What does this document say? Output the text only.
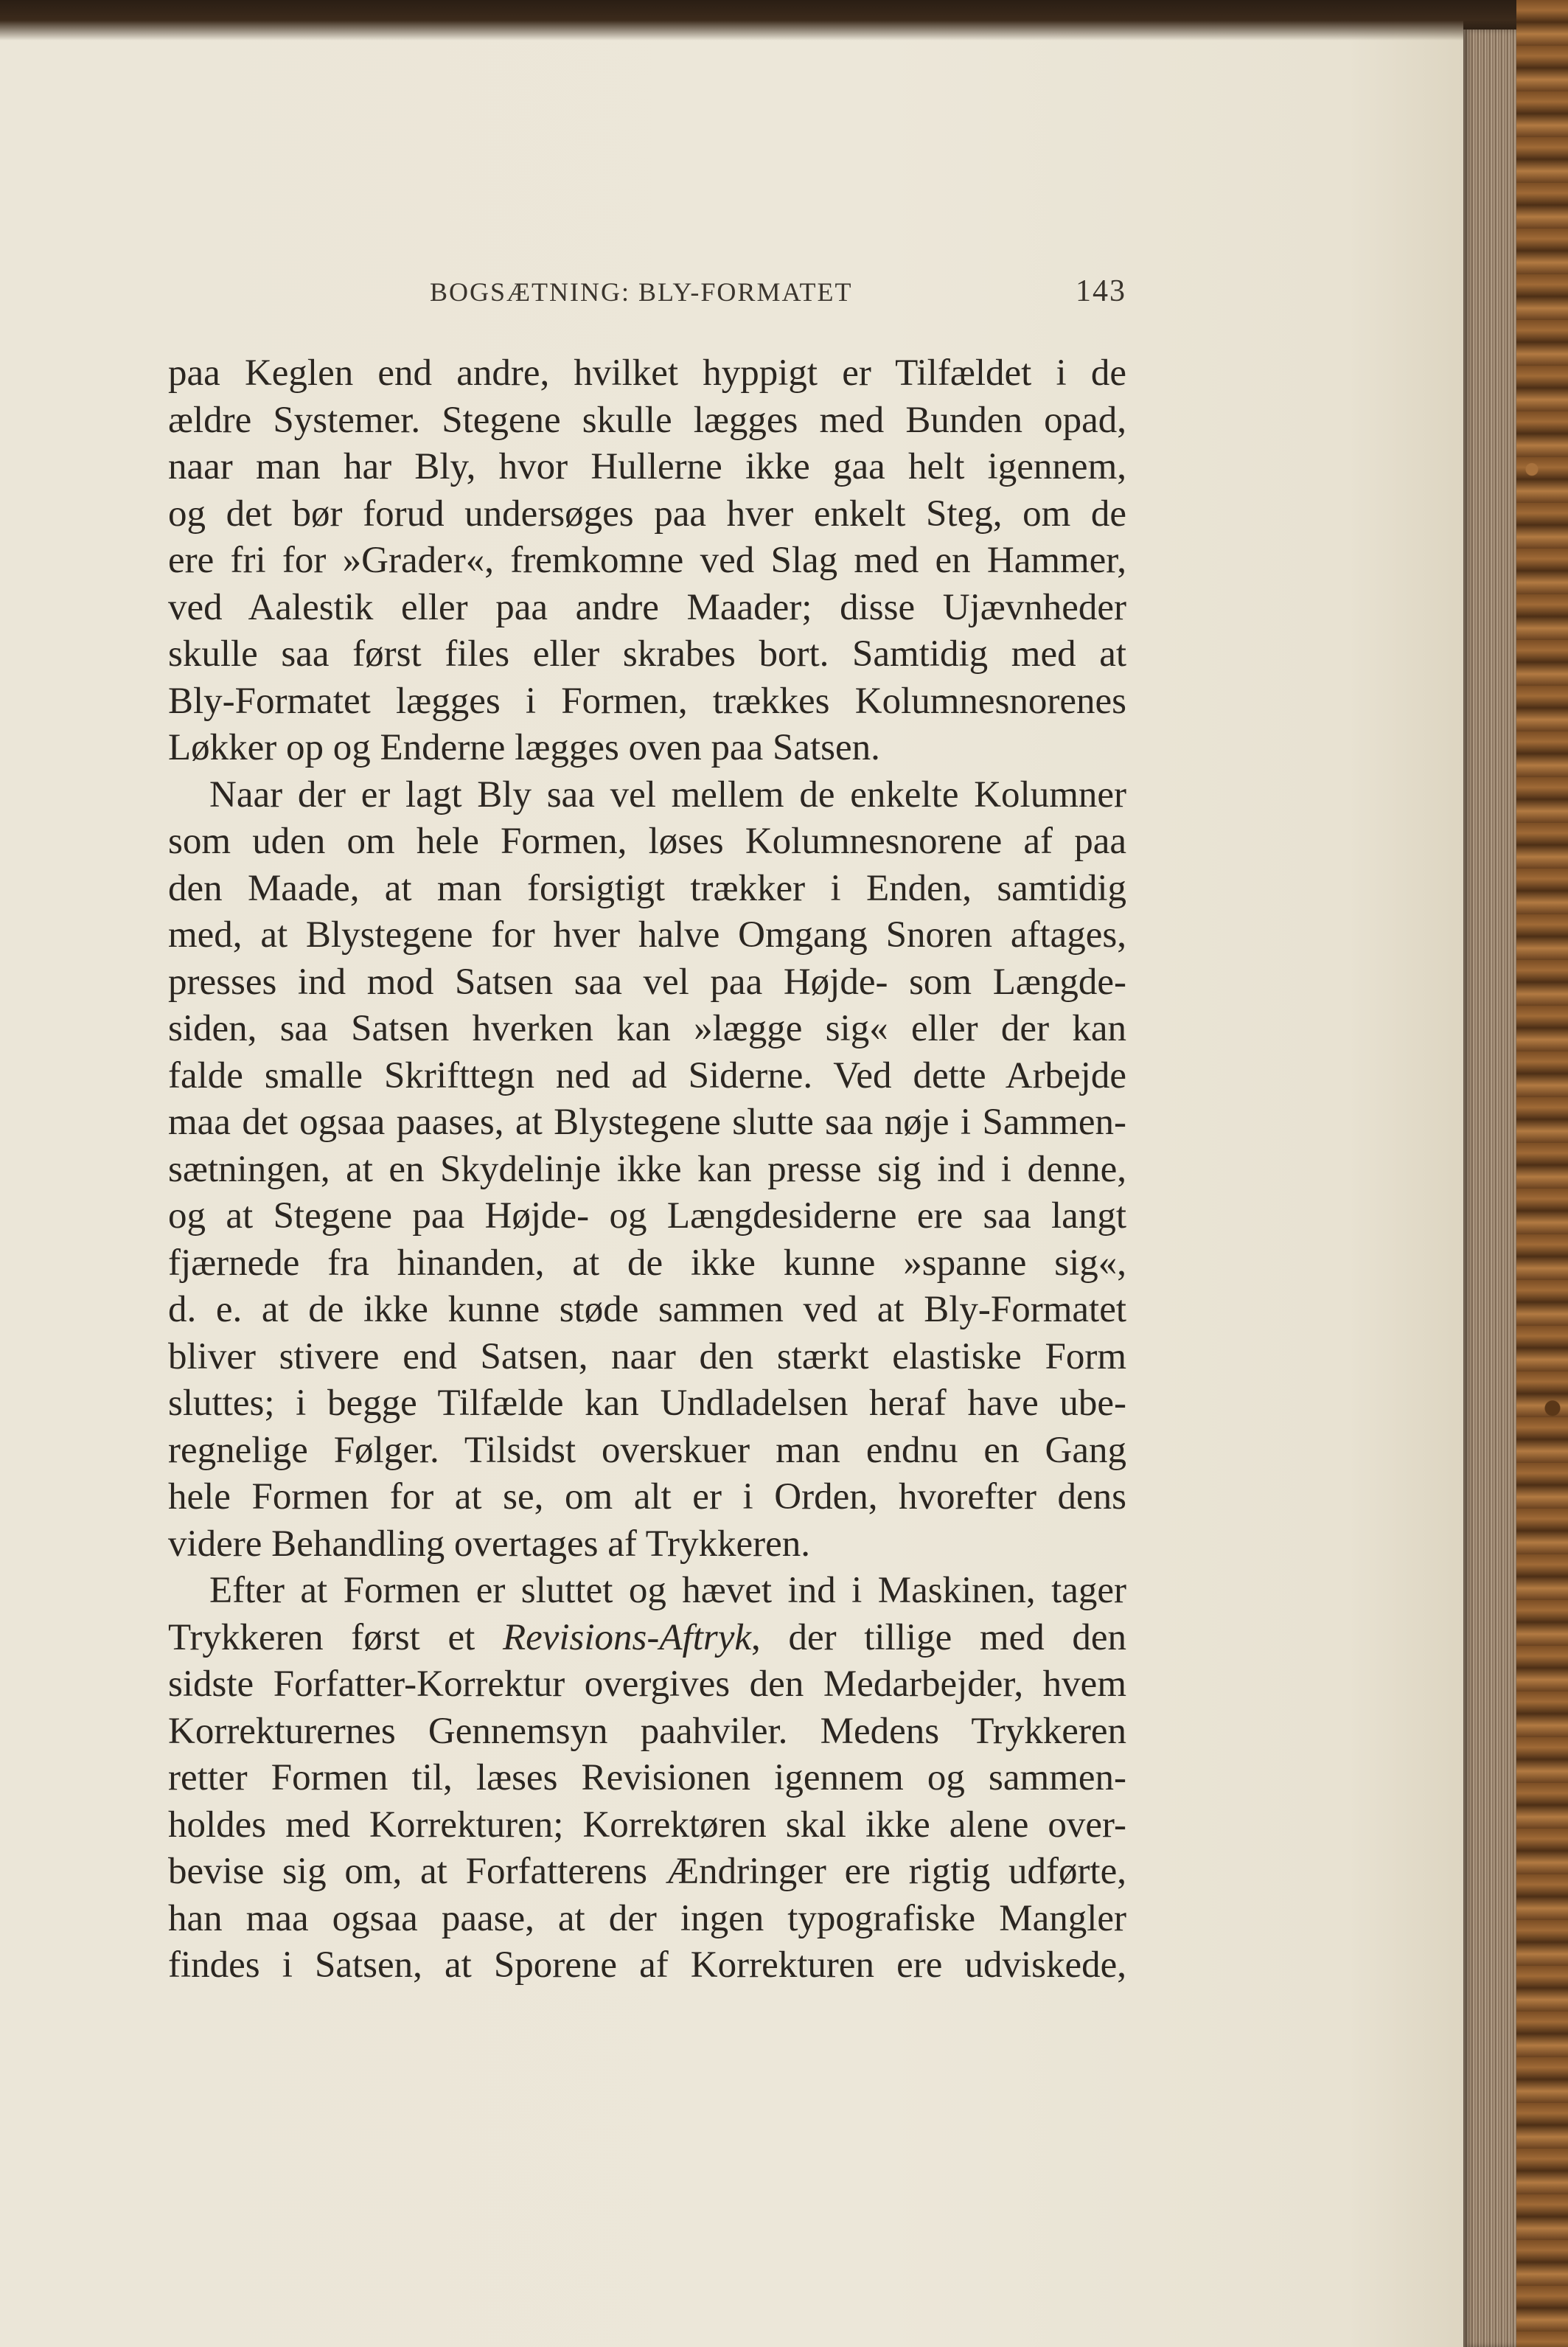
BOGSÆTNING: BLY-FORMATET	143
paa Keglen end andre, hvilket hyppigt er Tilfældet i de
ældre Systemer. Stegene skulle lægges med Bunden opad,
naar man har Bly, hvor Hullerne ikke gaa helt igennem,
og det bør forud undersøges paa hver enkelt Steg, om de
ere fri for »Grader«, fremkomne ved Slag med en Hammer,
ved Aalestik eller paa andre Maader; disse Ujævnheder
skulle saa først files eller skrabes bort. Samtidig med at
Bly-Formatet lægges i Formen, trækkes Kolumnesnorenes
Løkker op og Enderne lægges oven paa Satsen.
Naar der er lagt Bly saa vel mellem de enkelte Kolumner
som uden om hele Formen, løses Kolumnesnorene af paa
den Maade, at man forsigtigt trækker i Enden, samtidig
med, at Blystegene for hver halve Omgang Snoren aftages,
presses ind mod Satsen saa vel paa Højde- som Længde-
siden, saa Satsen hverken kan »lægge sig« eller der kan
falde smalle Skrifttegn ned ad Siderne. Ved dette Arbejde
maa det ogsaa paases, at Blystegene slutte saa nøje i Sammen-
sætningen, at en Skydelinje ikke kan presse sig ind i denne,
og at Stegene paa Højde- og Længdesiderne ere saa langt
fjærnede fra hinanden, at de ikke kunne »spanne sig«,
d. e. at de ikke kunne støde sammen ved at Bly-Formatet
bliver stivere end Satsen, naar den stærkt elastiske Form
sluttes; i begge Tilfælde kan Undladelsen heraf have ube-
regnelige Følger. Tilsidst overskuer man endnu en Gang
hele Formen for at se, om alt er i Orden, hvorefter dens
videre Behandling overtages af Trykkeren.
Efter at Formen er sluttet og hævet ind i Maskinen, tager
Trykkeren først et Revisions-Aftryk, der tillige med den
sidste Forfatter-Korrektur overgives den Medarbejder, hvem
Korrekturernes Gennemsyn paahviler. Medens Trykkeren
retter Formen til, læses Revisionen igennem og sammen-
holdes med Korrekturen; Korrektøren skal ikke alene over-
bevise sig om, at Forfatterens Ændringer ere rigtig udførte,
han maa ogsaa paase, at der ingen typografiske Mangler
findes i Satsen, at Sporene af Korrekturen ere udviskede,
